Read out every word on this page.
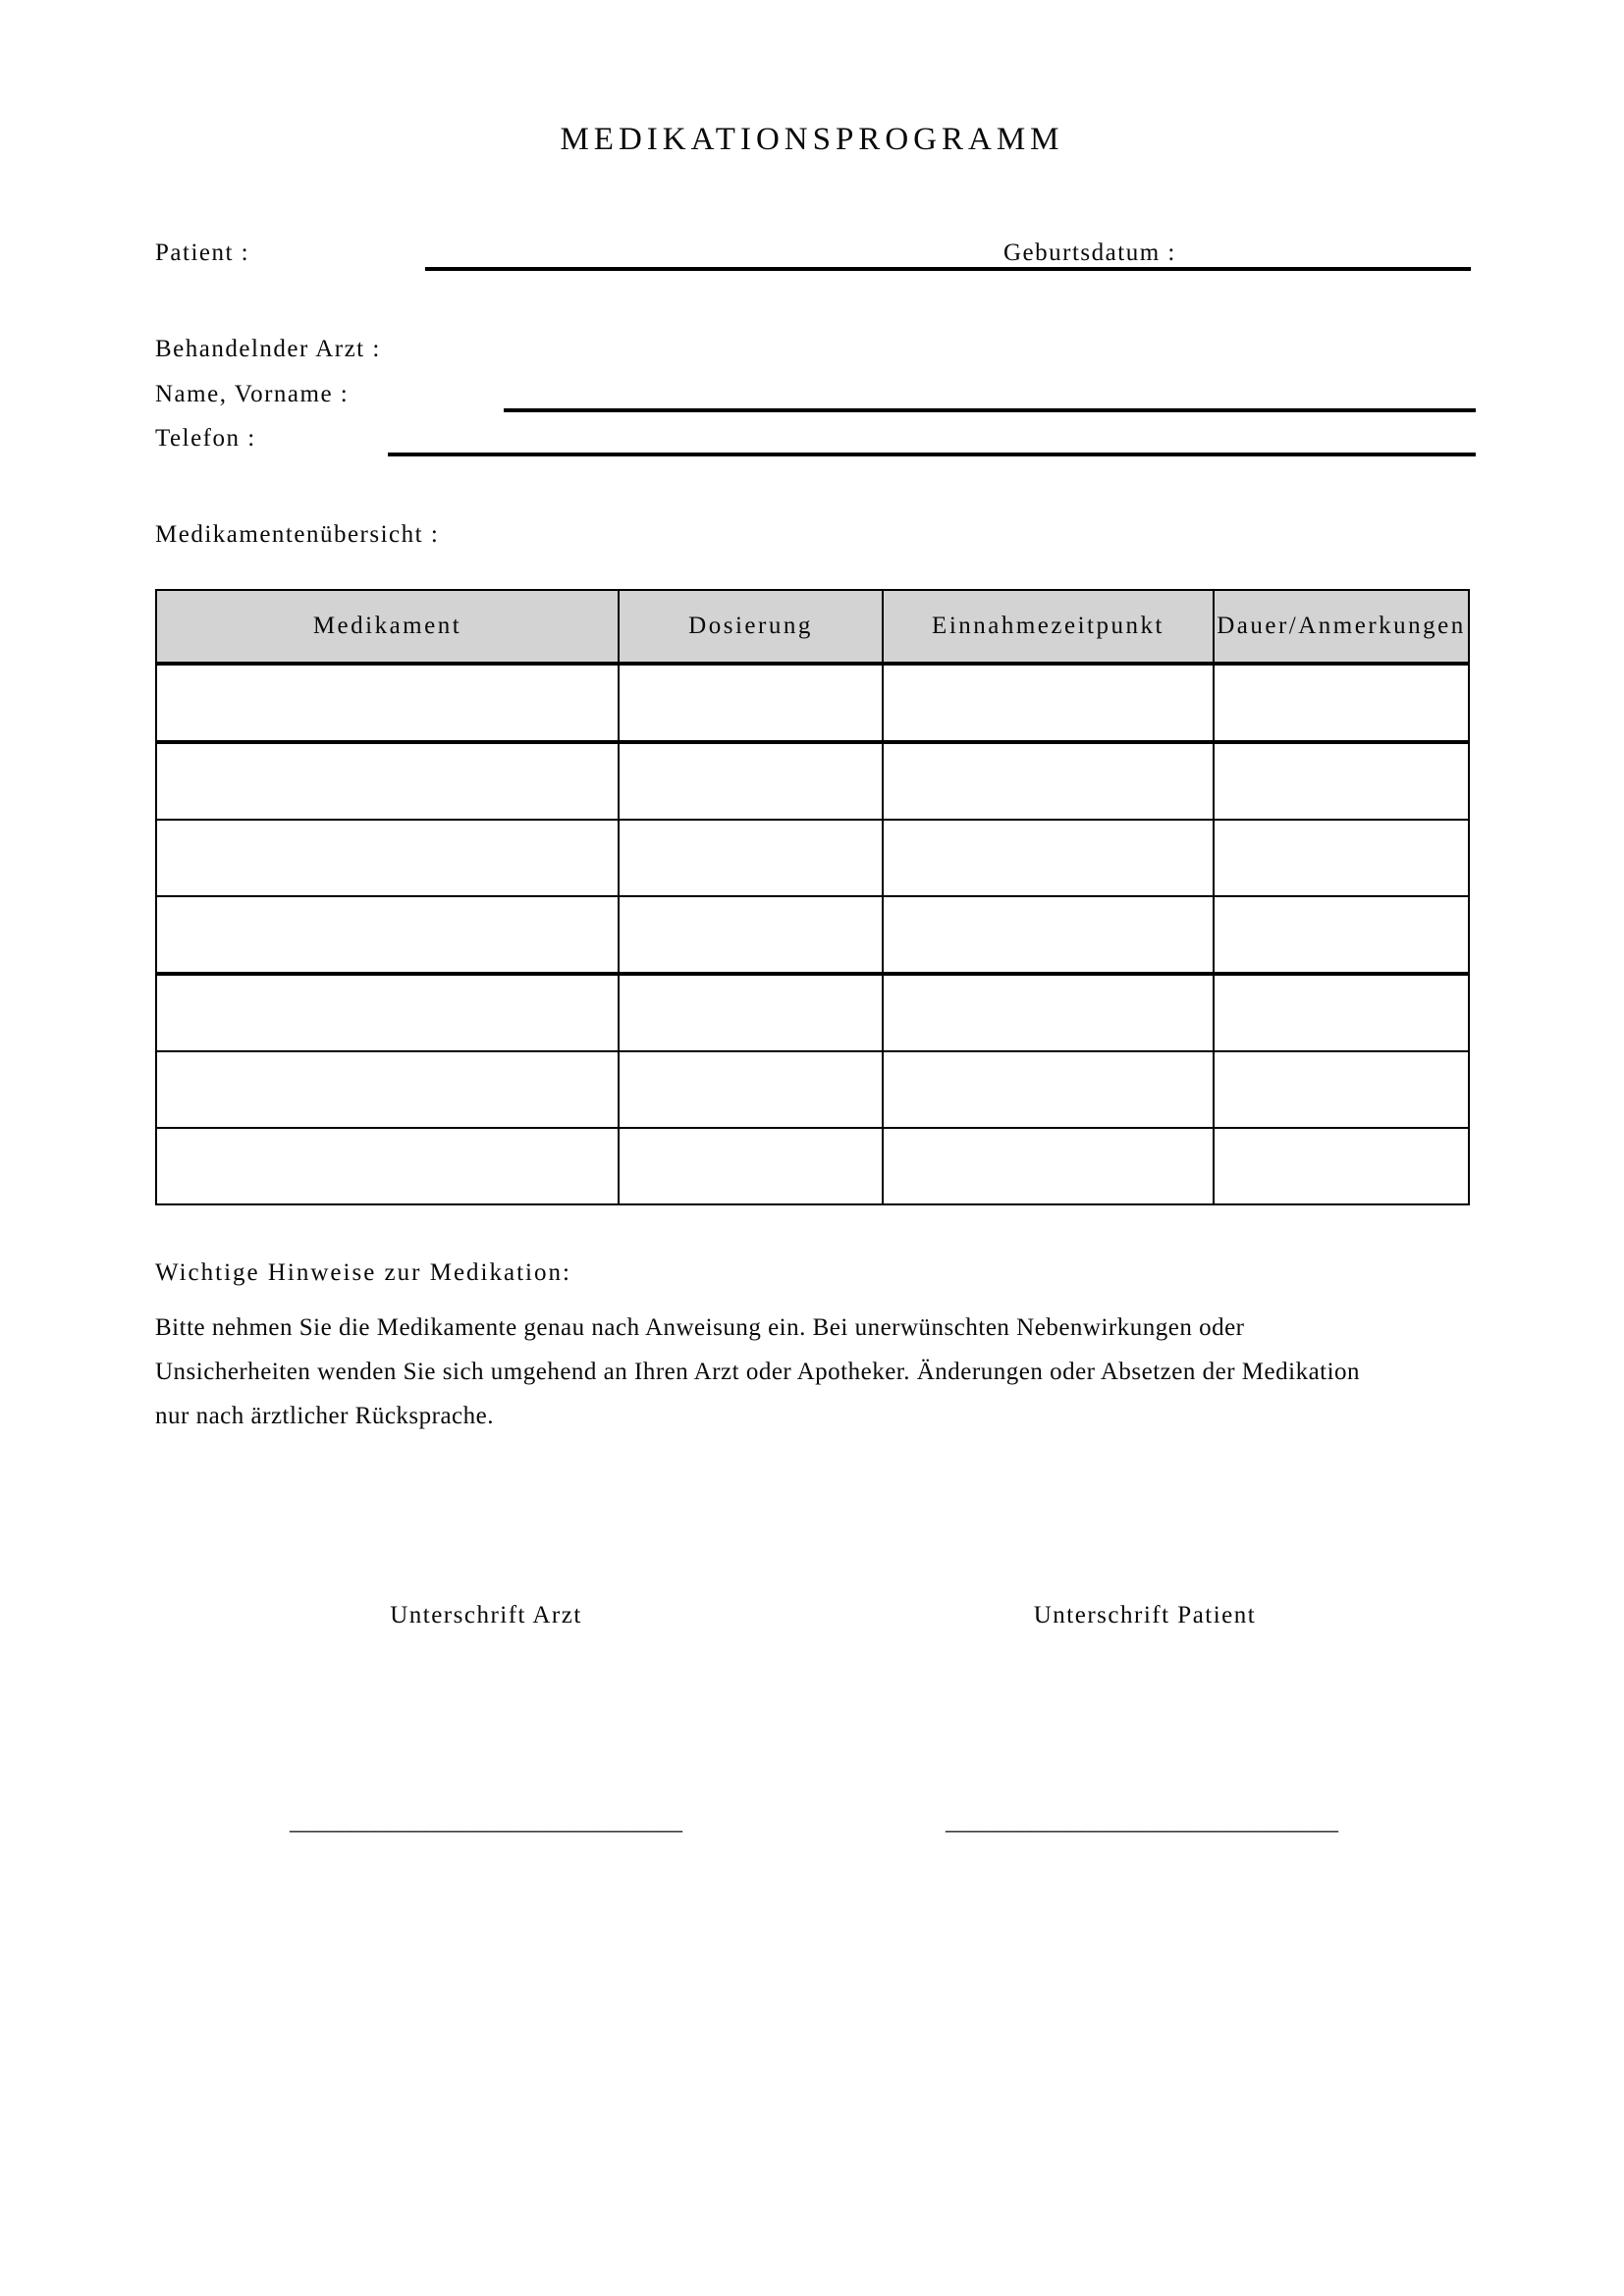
MEDIKATIONSPROGRAMM
Patient :	Geburtsdatum :
Behandelnder Arzt :
Name, Vorname :
Telefon :
Medikamentenübersicht :
Medikament	Dosierung	Einnahmezeitpunkt	Dauer/Anmerkungen

Wichtige Hinweise zur Medikation:
Bitte nehmen Sie die Medikamente genau nach Anweisung ein. Bei unerwünschten Nebenwirkungen oder
Unsicherheiten wenden Sie sich umgehend an Ihren Arzt oder Apotheker. Änderungen oder Absetzen der Medikation
nur nach ärztlicher Rücksprache.
Unterschrift Arzt	Unterschrift Patient
________________________________	________________________________
